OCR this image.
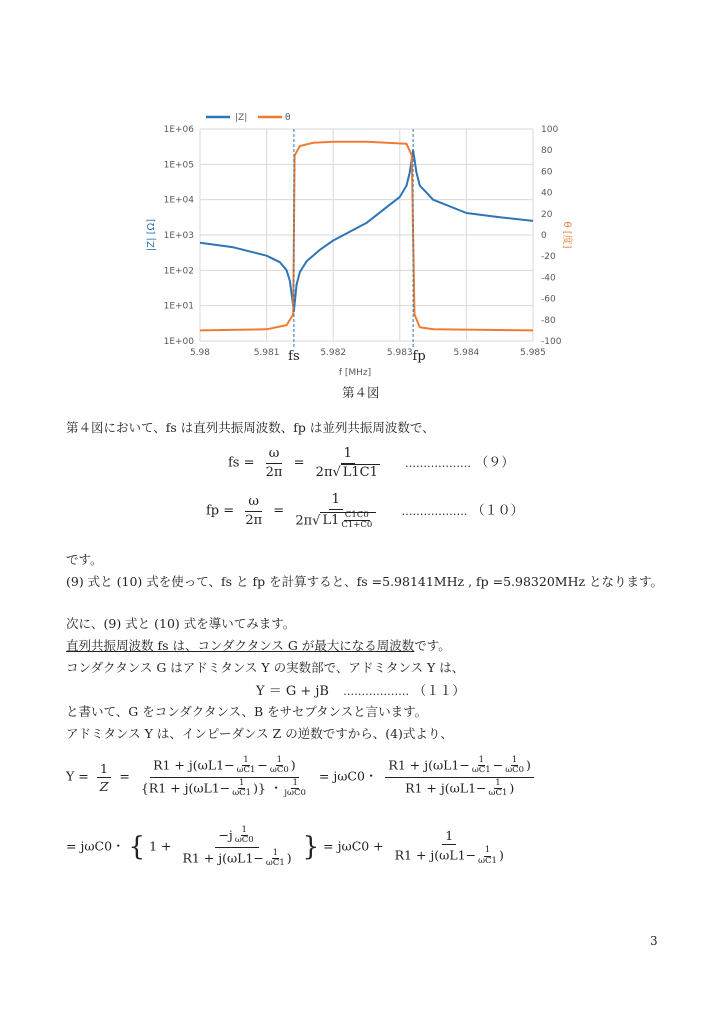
5.98	5.981	5.982	5.983	5.984	5.985
1E+00
1E+01
1E+02
1E+03
1E+04
1E+05
1E+06
-100
-80
-60
-40
-20
0
20
40
60
80
100
fs	fp
|Z|	θ
f [MHz]
|Z| [Ω]	θ [度]
第４図
第４図において、fs は直列共振周波数、fp は並列共振周波数で、
fs = $\frac{\omega}{2\pi} = \frac{1}{2\pi√ L1C1}$ ……………… （９）
fp = $\frac{\omega}{2\pi} = \frac{1}{2\pi√ L1 \frac{C1C0}{C1+C0}}$ ……………… （１０）
です。
(9) 式と (10) 式を使って、fs と fp を計算すると、fs =5.98141MHz , fp =5.98320MHz となります。
次に、(9) 式と (10) 式を導いてみます。
直列共振周波数 fs は、コンダクタンス G が最大になる周波数です。
コンダクタンス G はアドミタンス Y の実数部で、アドミタンス Y は、
Y ＝ G + jB ……………… （１１）
と書いて、G をコンダクタンス、B をサセプタンスと言います。
アドミタンス Y は、インピーダンス Z の逆数ですから、(4)式より、
$Y = \frac{1}{Z} = \frac{R1 + j(\omega L1- \frac{1}{\omega C1} - \frac{1}{\omega C0} )}{\{R1 + j(\omega L1- \frac{1}{\omega C1} )\} ・ \frac{1}{\text{jωC0}}} = j\omega C0$・ $\frac{R1 + j(\omega L1- \frac{1}{\omega C1} - \frac{1}{\omega C0} )}{R1 + j(\omega L1- \frac{1}{\omega C1} )}$
= jωC0・ { $1 + \frac{-j \frac{1}{\omega C0}}{R1 + j(\omega L1- \frac{1}{\omega C1} )}$ } = $j\omega C0 + \frac{1}{R1 + j(\omega L1- \frac{1}{\omega C1} )}$
3
